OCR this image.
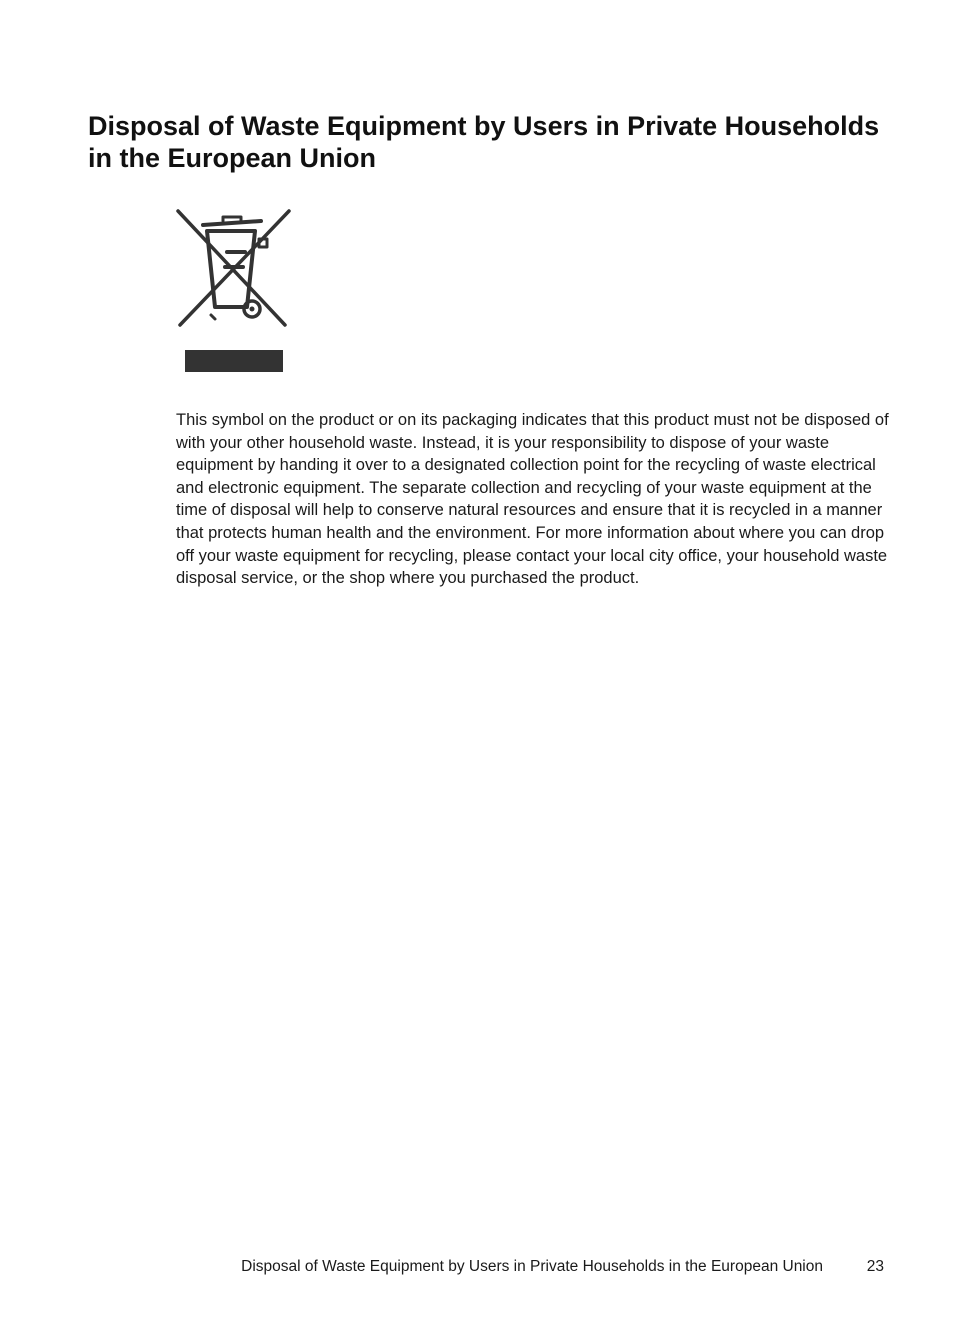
Disposal of Waste Equipment by Users in Private Households in the European Union

This symbol on the product or on its packaging indicates that this product must not be disposed of with your other household waste. Instead, it is your responsibility to dispose of your waste equipment by handing it over to a designated collection point for the recycling of waste electrical and electronic equipment. The separate collection and recycling of your waste equipment at the time of disposal will help to conserve natural resources and ensure that it is recycled in a manner that protects human health and the environment. For more information about where you can drop off your waste equipment for recycling, please contact your local city office, your household waste disposal service, or the shop where you purchased the product.

Disposal of Waste Equipment by Users in Private Households in the European Union	23
